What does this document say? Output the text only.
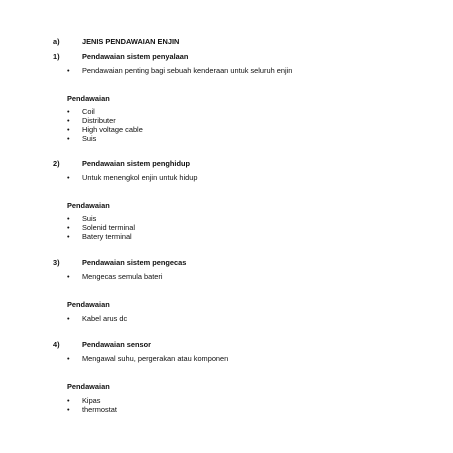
a)	JENIS PENDAWAIAN ENJIN
1)	Pendawaian sistem penyalaan
• Pendawaian penting bagi sebuah kenderaan untuk seluruh enjin
Pendawaian
• Coil
• Distributer
• High voltage cable
• Suis
2)	Pendawaian sistem penghidup
• Untuk menengkol enjin untuk hidup
Pendawaian
• Suis
• Solenid terminal
• Batery terminal
3)	Pendawaian sistem pengecas
• Mengecas semula bateri
Pendawaian
• Kabel arus dc
4)	Pendawaian sensor
• Mengawal suhu, pergerakan atau komponen
Pendawaian
• Kipas
• thermostat
